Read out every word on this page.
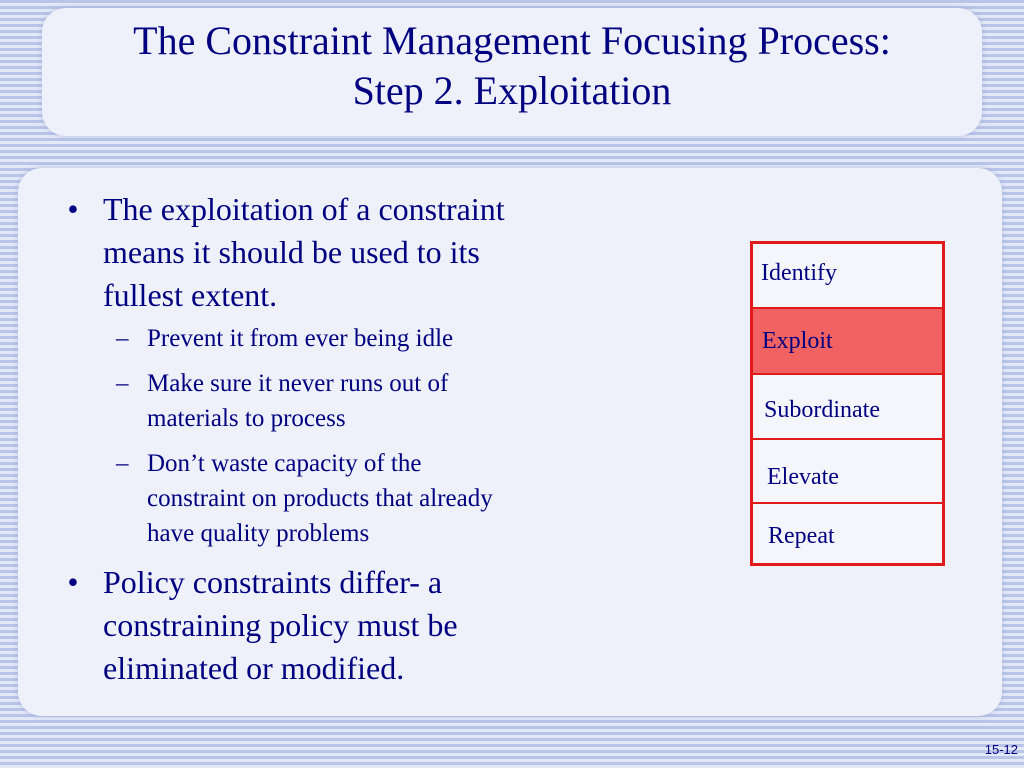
The Constraint Management Focusing Process:
Step 2. Exploitation
• The exploitation of a constraint
means it should be used to its
fullest extent.
– Prevent it from ever being idle
– Make sure it never runs out of
materials to process
– Don’t waste capacity of the
constraint on products that already
have quality problems
• Policy constraints differ- a
constraining policy must be
eliminated or modified.
Identify
Exploit
Subordinate
Elevate
Repeat
15-12
